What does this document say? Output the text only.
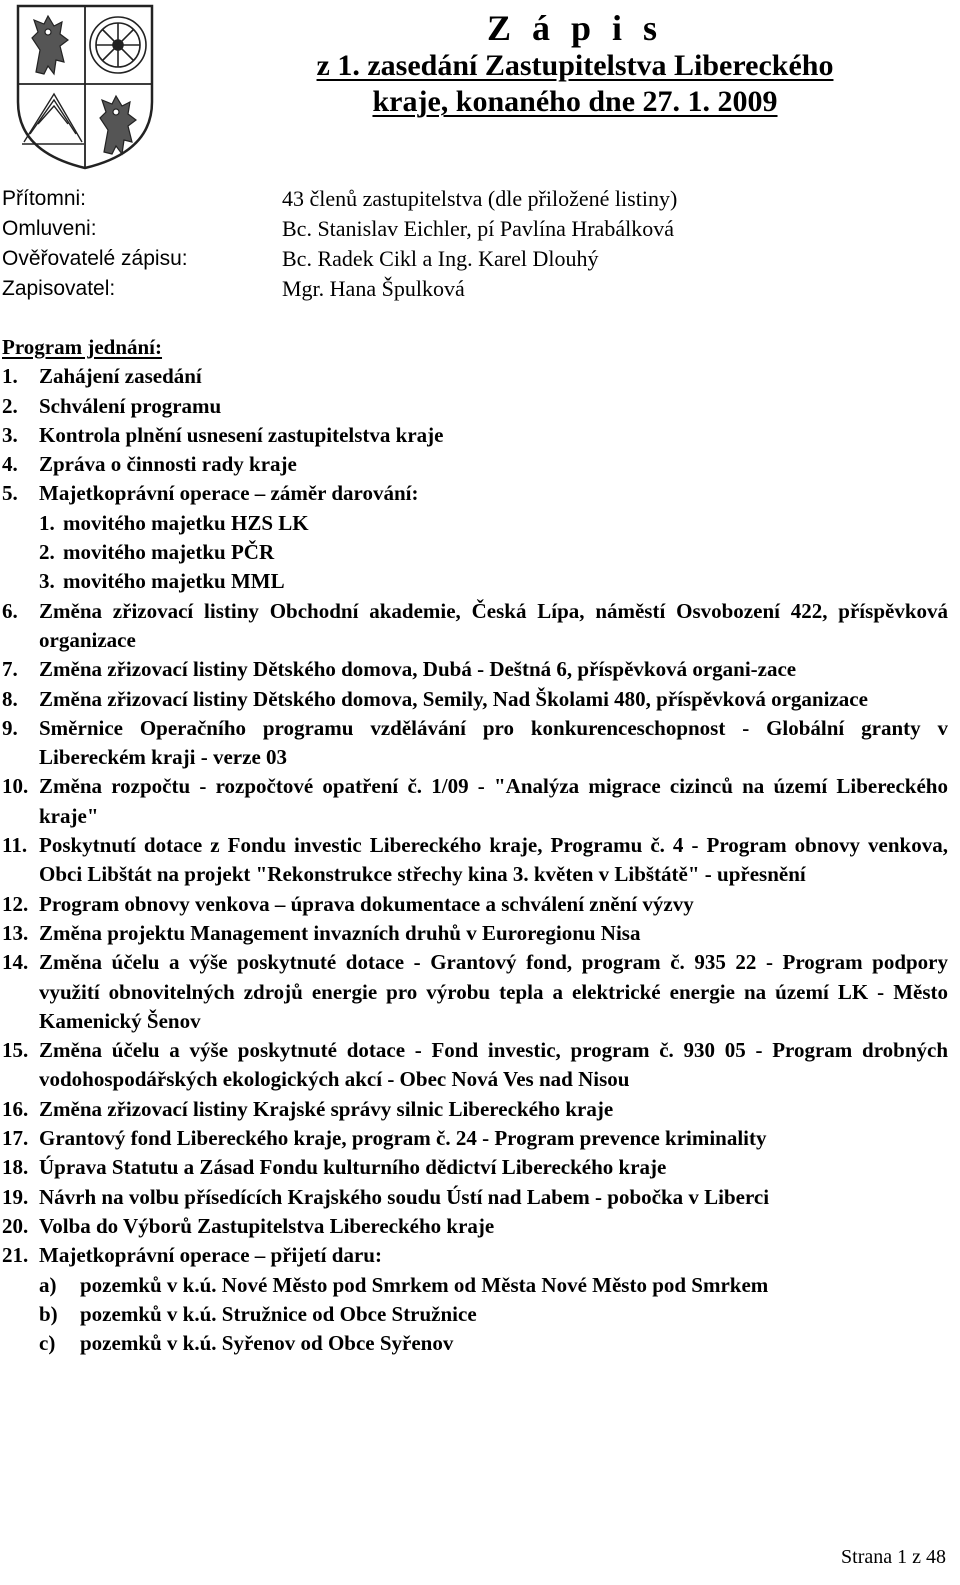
Z á p i s
z 1. zasedání Zastupitelstva Libereckého
kraje, konaného dne 27. 1. 2009
Přítomni:	43 členů zastupitelstva (dle přiložené listiny)
Omluveni:	Bc. Stanislav Eichler, pí Pavlína Hrabálková
Ověřovatelé zápisu:	Bc. Radek Cikl a Ing. Karel Dlouhý
Zapisovatel:	Mgr. Hana Špulková
Program jednání:
1.	Zahájení zasedání
2.	Schválení programu
3.	Kontrola plnění usnesení zastupitelstva kraje
4.	Zpráva o činnosti rady kraje
5.	Majetkoprávní operace – záměr darování:
1. movitého majetku HZS LK
2. movitého majetku PČR
3. movitého majetku MML
6.	Změna zřizovací listiny Obchodní akademie, Česká Lípa, náměstí Osvobození 422, příspěvková organizace
7.	Změna zřizovací listiny Dětského domova, Dubá - Deštná 6, příspěvková organi-zace
8.	Změna zřizovací listiny Dětského domova, Semily, Nad Školami 480, příspěvková organizace
9.	Směrnice Operačního programu vzdělávání pro konkurenceschopnost - Globální granty v Libereckém kraji - verze 03
10. Změna rozpočtu - rozpočtové opatření č. 1/09 - "Analýza migrace cizinců na území Libereckého kraje"
11. Poskytnutí dotace z Fondu investic Libereckého kraje, Programu č. 4 - Program obnovy venkova, Obci Libštát na projekt "Rekonstrukce střechy kina 3. květen v Libštátě" - upřesnění
12. Program obnovy venkova – úprava dokumentace a schválení znění výzvy
13. Změna projektu Management invazních druhů v Euroregionu Nisa
14. Změna účelu a výše poskytnuté dotace - Grantový fond, program č. 935 22 - Program podpory využití obnovitelných zdrojů energie pro výrobu tepla a elektrické energie na území LK - Město Kamenický Šenov
15. Změna účelu a výše poskytnuté dotace - Fond investic, program č. 930 05 - Program drobných vodohospodářských ekologických akcí - Obec Nová Ves nad Nisou
16. Změna zřizovací listiny Krajské správy silnic Libereckého kraje
17. Grantový fond Libereckého kraje, program č. 24 - Program prevence kriminality
18. Úprava Statutu a Zásad Fondu kulturního dědictví Libereckého kraje
19. Návrh na volbu přísedících Krajského soudu Ústí nad Labem - pobočka v Liberci
20. Volba do Výborů Zastupitelstva Libereckého kraje
21. Majetkoprávní operace – přijetí daru:
a)	pozemků v k.ú. Nové Město pod Smrkem od Města Nové Město pod Smrkem
b)	pozemků v k.ú. Stružnice od Obce Stružnice
c)	pozemků v k.ú. Syřenov od Obce Syřenov
Strana 1 z 48
